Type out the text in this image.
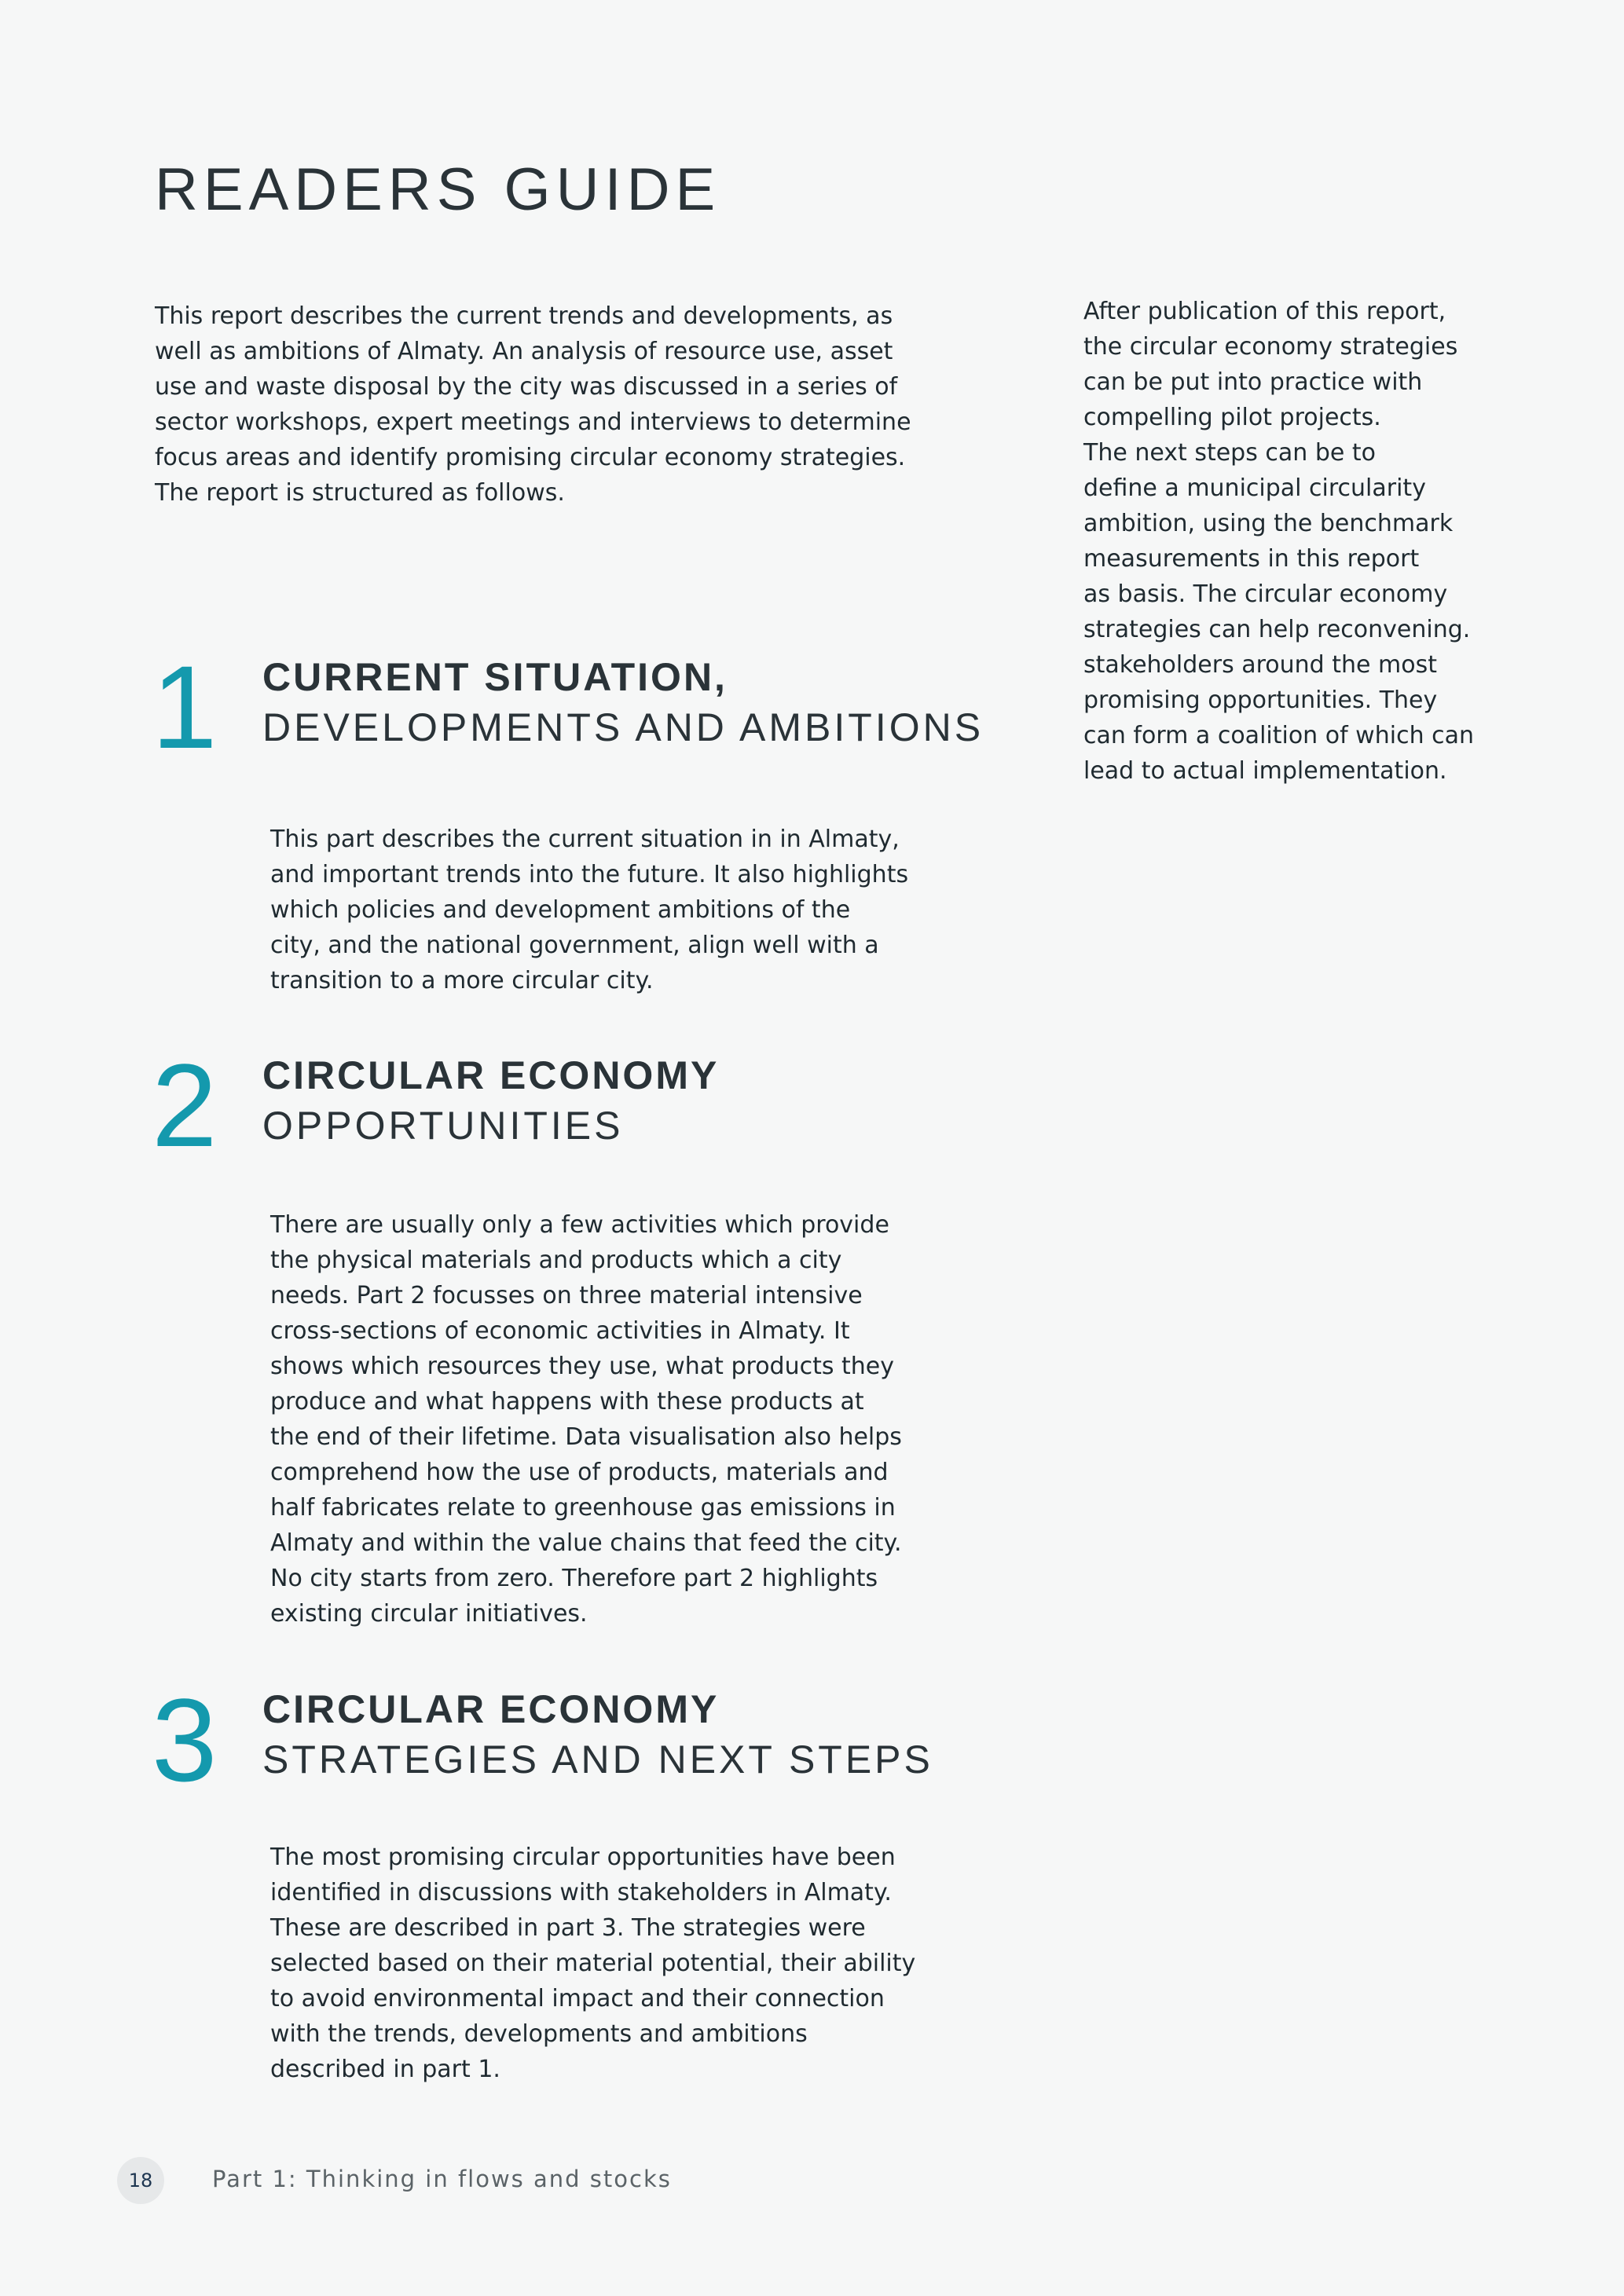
READERS GUIDE
This report describes the current trends and developments, as
well as ambitions of Almaty. An analysis of resource use, asset
use and waste disposal by the city was discussed in a series of
sector workshops, expert meetings and interviews to determine
focus areas and identify promising circular economy strategies.
The report is structured as follows.
After publication of this report,
the circular economy strategies
can be put into practice with
compelling pilot projects.
The next steps can be to
define a municipal circularity
ambition, using the benchmark
measurements in this report
as basis. The circular economy
strategies can help reconvening.
stakeholders around the most
promising opportunities. They
can form a coalition of which can
lead to actual implementation.
1 CURRENT SITUATION,
DEVELOPMENTS AND AMBITIONS
This part describes the current situation in in Almaty,
and important trends into the future. It also highlights
which policies and development ambitions of the
city, and the national government, align well with a
transition to a more circular city.
2 CIRCULAR ECONOMY
OPPORTUNITIES
There are usually only a few activities which provide
the physical materials and products which a city
needs. Part 2 focusses on three material intensive
cross-sections of economic activities in Almaty. It
shows which resources they use, what products they
produce and what happens with these products at
the end of their lifetime. Data visualisation also helps
comprehend how the use of products, materials and
half fabricates relate to greenhouse gas emissions in
Almaty and within the value chains that feed the city.
No city starts from zero. Therefore part 2 highlights
existing circular initiatives.
3 CIRCULAR ECONOMY
STRATEGIES AND NEXT STEPS
The most promising circular opportunities have been
identified in discussions with stakeholders in Almaty.
These are described in part 3. The strategies were
selected based on their material potential, their ability
to avoid environmental impact and their connection
with the trends, developments and ambitions
described in part 1.
18	Part 1: Thinking in flows and stocks
